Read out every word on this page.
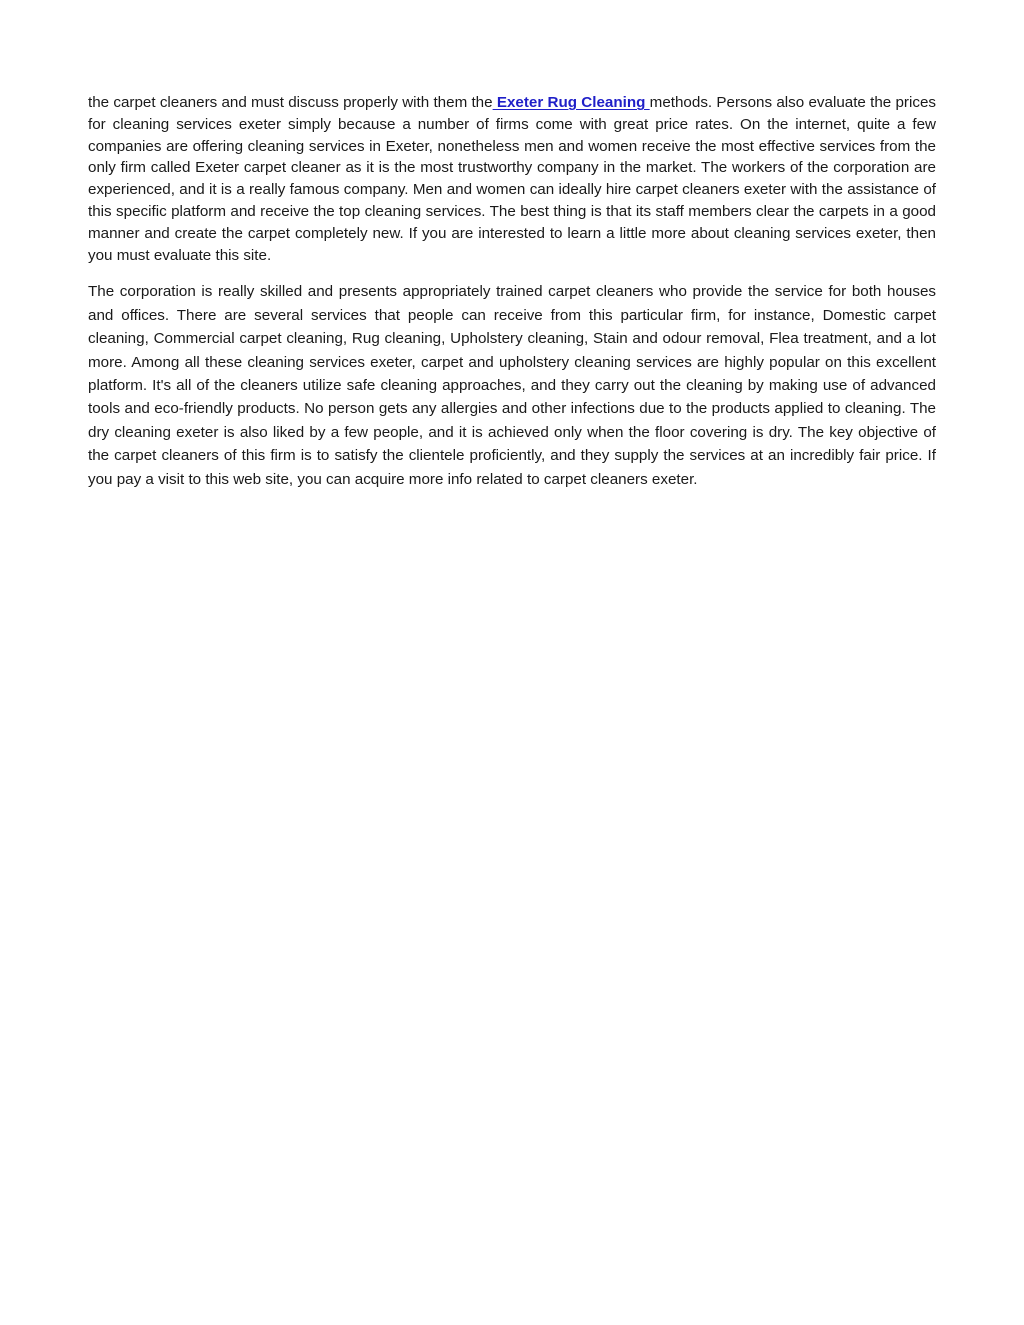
the carpet cleaners and must discuss properly with them the Exeter Rug Cleaning methods. Persons also evaluate the prices for cleaning services exeter simply because a number of firms come with great price rates. On the internet, quite a few companies are offering cleaning services in Exeter, nonetheless men and women receive the most effective services from the only firm called Exeter carpet cleaner as it is the most trustworthy company in the market. The workers of the corporation are experienced, and it is a really famous company. Men and women can ideally hire carpet cleaners exeter with the assistance of this specific platform and receive the top cleaning services. The best thing is that its staff members clear the carpets in a good manner and create the carpet completely new. If you are interested to learn a little more about cleaning services exeter, then you must evaluate this site.

The corporation is really skilled and presents appropriately trained carpet cleaners who provide the service for both houses and offices. There are several services that people can receive from this particular firm, for instance, Domestic carpet cleaning, Commercial carpet cleaning, Rug cleaning, Upholstery cleaning, Stain and odour removal, Flea treatment, and a lot more. Among all these cleaning services exeter, carpet and upholstery cleaning services are highly popular on this excellent platform. It's all of the cleaners utilize safe cleaning approaches, and they carry out the cleaning by making use of advanced tools and eco-friendly products. No person gets any allergies and other infections due to the products applied to cleaning. The dry cleaning exeter is also liked by a few people, and it is achieved only when the floor covering is dry. The key objective of the carpet cleaners of this firm is to satisfy the clientele proficiently, and they supply the services at an incredibly fair price. If you pay a visit to this web site, you can acquire more info related to carpet cleaners exeter.
